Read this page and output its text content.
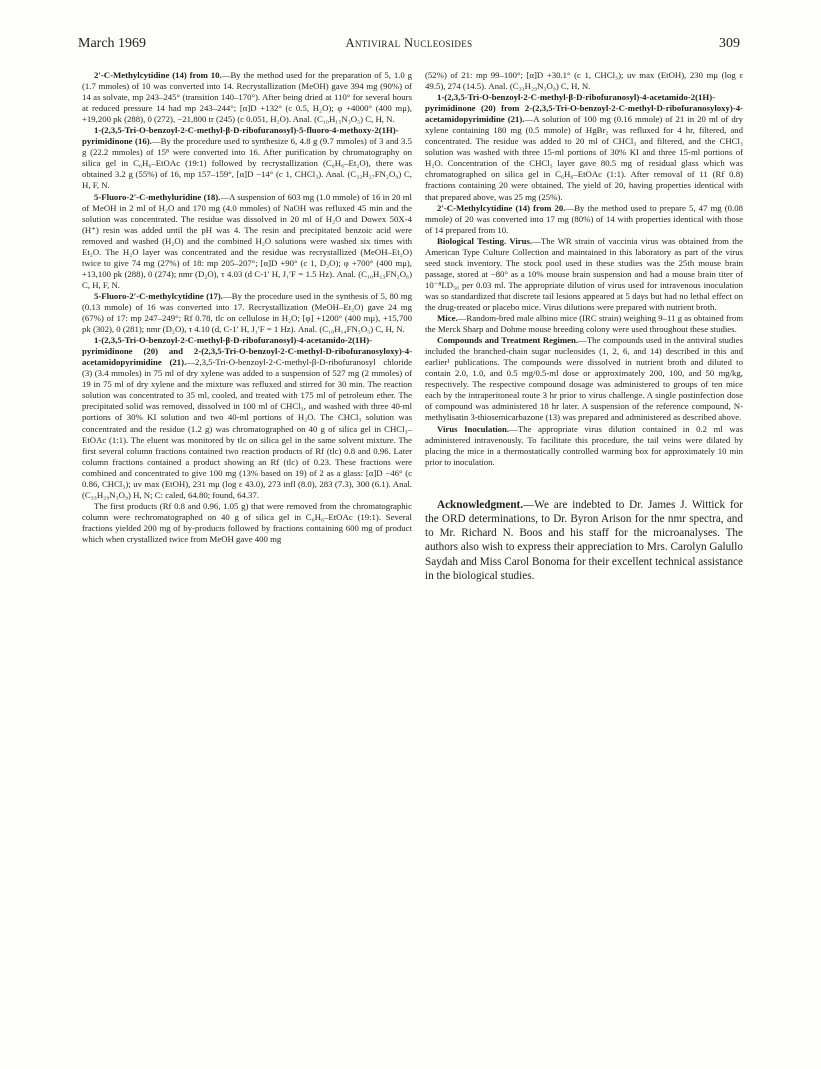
March 1969	Antiviral Nucleosides	309

2′-C-Methylcytidine (14) from 10.—By the method used for the preparation of 5, 1.0 g (1.7 mmoles) of 10 was converted into 14. Recrystallization (MeOH) gave 394 mg (90%) of 14 as solvate, mp 243–245° (transition 140–170°). After being dried at 110° for several hours at reduced pressure 14 had mp 243–244°; [α]D +132° (c 0.5, H₂O); φ +4000° (400 mμ), +19,200 pk (288), 0 (272), −21,800 tr (245) (c 0.051, H₂O). Anal. (C₁₀H₁₅N₃O₅) C, H, N.

1-(2,3,5-Tri-O-benzoyl-2-C-methyl-β-D-ribofuranosyl)-5-fluoro-4-methoxy-2(1H)-pyrimidinone (16).—By the procedure used to synthesize 6, 4.8 g (9.7 mmoles) of 3 and 3.5 g (22.2 mmoles) of 15⁸ were converted into 16. After purification by chromatography on silica gel in C₆H₆–EtOAc (19:1) followed by recrystallization (C₆H₆–Et₂O), there was obtained 3.2 g (55%) of 16, mp 157–159°, [α]D −14° (c 1, CHCl₃). Anal. (C₃₂H₂₇FN₂O₉) C, H, F, N.

5-Fluoro-2′-C-methyluridine (18).—A suspension of 603 mg (1.0 mmole) of 16 in 20 ml of MeOH in 2 ml of H₂O and 170 mg (4.0 mmoles) of NaOH was refluxed 45 min and the solution was concentrated. The residue was dissolved in 20 ml of H₂O and Dowex 50X-4 (H⁺) resin was added until the pH was 4. The resin and precipitated benzoic acid were removed and washed (H₂O) and the combined H₂O solutions were washed six times with Et₂O. The H₂O layer was concentrated and the residue was recrystallized (MeOH–Et₂O) twice to give 74 mg (27%) of 18: mp 205–207°; [α]D +90° (c 1, D₂O); φ +700° (400 mμ), +13,100 pk (288), 0 (274); nmr (D₂O), τ 4.03 (d C-1′ H, J₁′F = 1.5 Hz). Anal. (C₁₀H₁₃FN₂O₆) C, H, F, N.

5-Fluoro-2′-C-methylcytidine (17).—By the procedure used in the synthesis of 5, 80 mg (0.13 mmole) of 16 was converted into 17. Recrystallization (MeOH–Et₂O) gave 24 mg (67%) of 17: mp 247–249°; Rf 0.78, tlc on cellulose in H₂O; [φ] +1200° (400 mμ), +15,700 pk (302), 0 (281); nmr (D₂O), τ 4.10 (d, C-1′ H, J₁′F = 1 Hz). Anal. (C₁₀H₁₄FN₃O₅) C, H, N.

1-(2,3,5-Tri-O-benzoyl-2-C-methyl-β-D-ribofuranosyl)-4-acetamido-2(1H)-pyrimidinone (20) and 2-(2,3,5-Tri-O-benzoyl-2-C-methyl-D-ribofuranosyloxy)-4-acetamidopyrimidine (21).—2,3,5-Tri-O-benzoyl-2-C-methyl-β-D-ribofuranosyl chloride (3) (3.4 mmoles) in 75 ml of dry xylene was added to a suspension of 527 mg (2 mmoles) of 19 in 75 ml of dry xylene and the mixture was refluxed and stirred for 30 min. The reaction solution was concentrated to 35 ml, cooled, and treated with 175 ml of petroleum ether. The precipitated solid was removed, dissolved in 100 ml of CHCl₃, and washed with three 40-ml portions of 30% KI solution and two 40-ml portions of H₂O. The CHCl₃ solution was concentrated and the residue (1.2 g) was chromatographed on 40 g of silica gel in CHCl₃–EtOAc (1:1). The eluent was monitored by tlc on silica gel in the same solvent mixture. The first several column fractions contained two reaction products of Rf (tlc) 0.8 and 0.96. Later column fractions contained a product showing an Rf (tlc) of 0.23. These fractions were combined and concentrated to give 100 mg (13% based on 19) of 2 as a glass: [α]D −46° (c 0.86, CHCl₃); uv max (EtOH), 231 mμ (log ε 43.0), 273 infl (8.0), 283 (7.3), 300 (6.1). Anal. (C₃₃H₂₉N₃O₉) H, N; C: caled, 64.80; found, 64.37.

The first products (Rf 0.8 and 0.96, 1.05 g) that were removed from the chromatographic column were rechromatographed on 40 g of silica gel in C₆H₆–EtOAc (19:1). Several fractions yielded 200 mg of by-products followed by fractions containing 600 mg of product which when crystallized twice from MeOH gave 400 mg

(52%) of 21: mp 99–100°; [α]D +30.1° (c 1, CHCl₃); uv max (EtOH), 230 mμ (log ε 49.5), 274 (14.5). Anal. (C₃₃H₂₉N₃O₉) C, H, N.

1-(2,3,5-Tri-O-benzoyl-2-C-methyl-β-D-ribofuranosyl)-4-acetamido-2(1H)-pyrimidinone (20) from 2-(2,3,5-Tri-O-benzoyl-2-C-methyl-D-ribofuranosyloxy)-4-acetamidopyrimidine (21).—A solution of 100 mg (0.16 mmole) of 21 in 20 ml of dry xylene containing 180 mg (0.5 mmole) of HgBr₂ was refluxed for 4 hr, filtered, and concentrated. The residue was added to 20 ml of CHCl₃ and filtered, and the CHCl₃ solution was washed with three 15-ml portions of 30% KI and three 15-ml portions of H₂O. Concentration of the CHCl₃ layer gave 80.5 mg of residual glass which was chromatographed on silica gel in C₆H₆–EtOAc (1:1). After removal of 11 (Rf 0.8) fractions containing 20 were obtained. The yield of 20, having properties identical with that prepared above, was 25 mg (25%).

2′-C-Methylcytidine (14) from 20.—By the method used to prepare 5, 47 mg (0.08 mmole) of 20 was converted into 17 mg (80%) of 14 with properties identical with those of 14 prepared from 10.

Biological Testing. Virus.—The WR strain of vaccinia virus was obtained from the American Type Culture Collection and maintained in this laboratory as part of the virus seed stock inventory. The stock pool used in these studies was the 25th mouse brain passage, stored at −80° as a 10% mouse brain suspension and had a mouse brain titer of 10⁻⁸LD₅₀ per 0.03 ml. The appropriate dilution of virus used for intravenous inoculation was so standardized that discrete tail lesions appeared at 5 days but had no lethal effect on the drug-treated or placebo mice. Virus dilutions were prepared with nutrient broth.

Mice.—Random-bred male albino mice (IRC strain) weighing 9–11 g as obtained from the Merck Sharp and Dohme mouse breeding colony were used throughout these studies.

Compounds and Treatment Regimen.—The compounds used in the antiviral studies included the branched-chain sugar nucleosides (1, 2, 6, and 14) described in this and earlier¹ publications. The compounds were dissolved in nutrient broth and diluted to contain 2.0, 1.0, and 0.5 mg/0.5-ml dose or approximately 200, 100, and 50 mg/kg, respectively. The respective compound dosage was administered to groups of ten mice each by the intraperitoneal route 3 hr prior to virus challenge. A single postinfection dose of compound was administered 18 hr later. A suspension of the reference compound, N-methylisatin 3-thiosemicarbazone (13) was prepared and administered as described above.

Virus Inoculation.—The appropriate virus dilution contained in 0.2 ml was administered intravenously. To facilitate this procedure, the tail veins were dilated by placing the mice in a thermostatically controlled warming box for approximately 10 min prior to inoculation.

Acknowledgment.—We are indebted to Dr. James J. Wittick for the ORD determinations, to Dr. Byron Arison for the nmr spectra, and to Mr. Richard N. Boos and his staff for the microanalyses. The authors also wish to express their appreciation to Mrs. Carolyn Galullo Saydah and Miss Carol Bonoma for their excellent technical assistance in the biological studies.
